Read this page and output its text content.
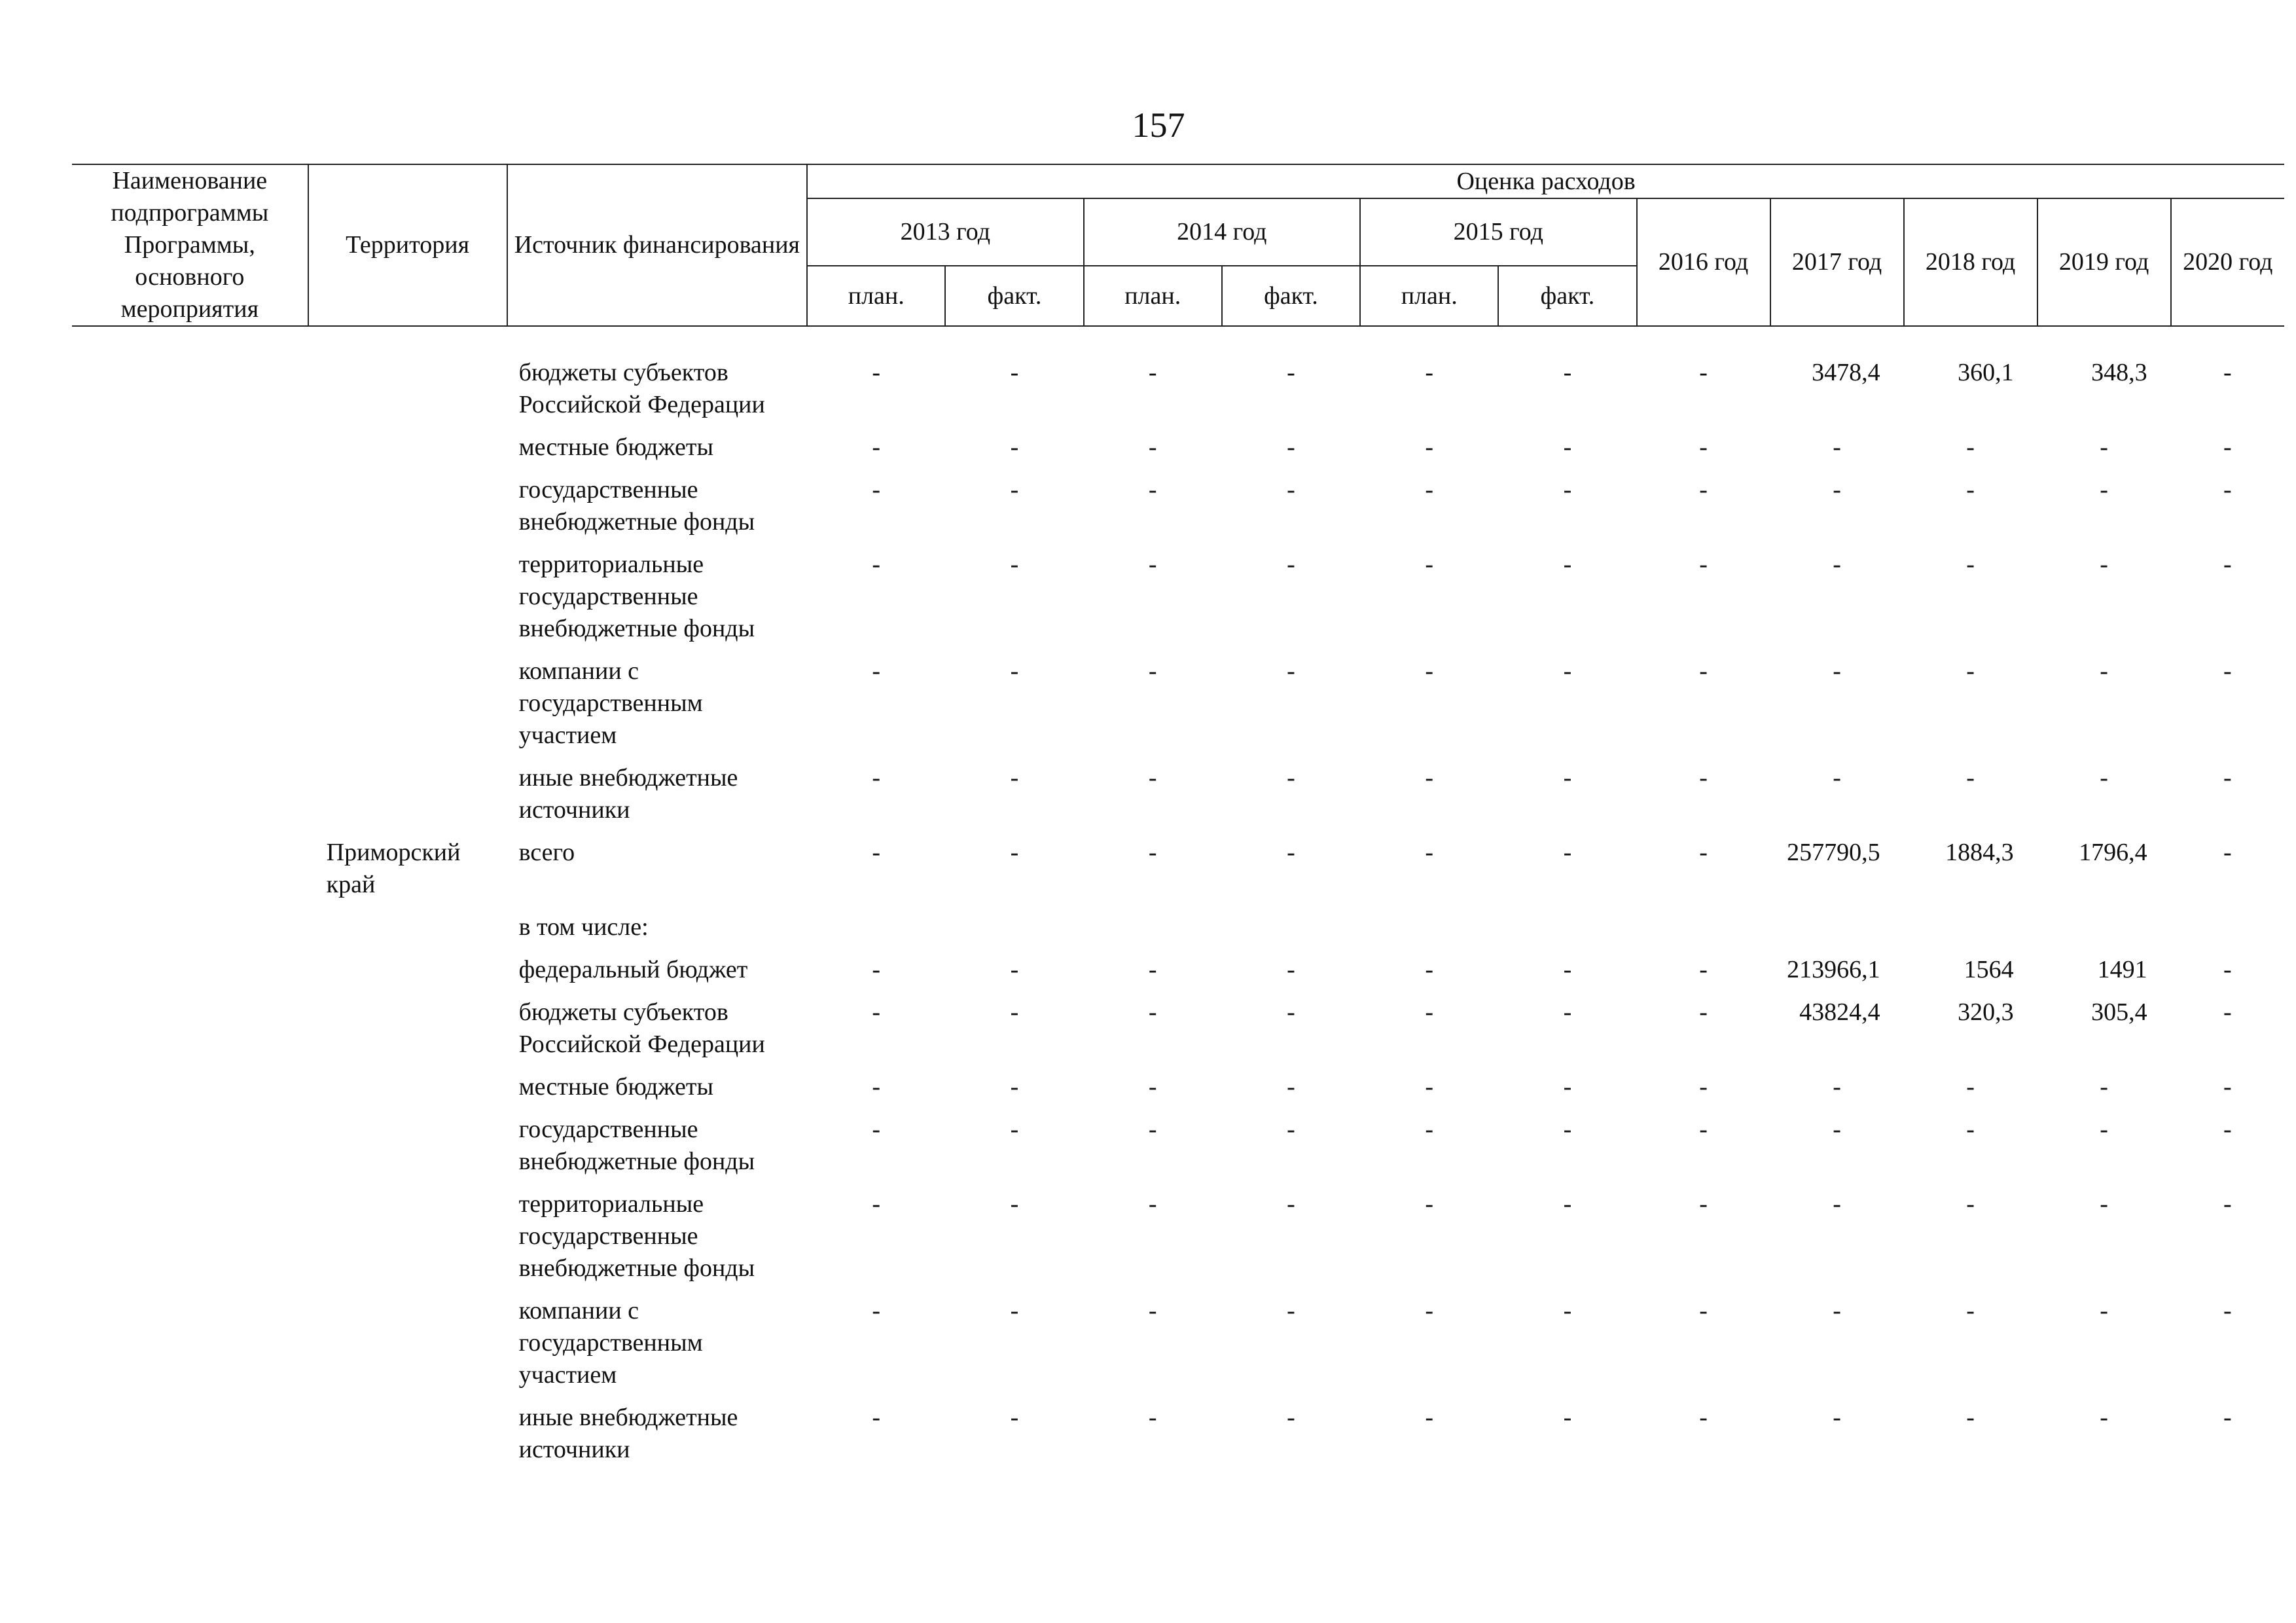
157
Наименование подпрограммы Программы, основного мероприятия	Территория	Источник финансирования	Оценка расходов										
			2013 год		2014 год		2015 год		2016 год	2017 год	2018 год	2019 год	2020 год
			план.	факт.	план.	факт.	план.	факт.					

		бюджеты субъектов Российской Федерации	-	-	-	-	-	-	-	3478,4	360,1	348,3	-
		местные бюджеты	-	-	-	-	-	-	-	-	-	-	-
		государственные внебюджетные фонды	-	-	-	-	-	-	-	-	-	-	-
		территориальные государственные внебюджетные фонды	-	-	-	-	-	-	-	-	-	-	-
		компании с государственным участием	-	-	-	-	-	-	-	-	-	-	-
		иные внебюджетные источники	-	-	-	-	-	-	-	-	-	-	-
	Приморский край	всего	-	-	-	-	-	-	-	257790,5	1884,3	1796,4	-
		в том числе:											
		федеральный бюджет	-	-	-	-	-	-	-	213966,1	1564	1491	-
		бюджеты субъектов Российской Федерации	-	-	-	-	-	-	-	43824,4	320,3	305,4	-
		местные бюджеты	-	-	-	-	-	-	-	-	-	-	-
		государственные внебюджетные фонды	-	-	-	-	-	-	-	-	-	-	-
		территориальные государственные внебюджетные фонды	-	-	-	-	-	-	-	-	-	-	-
		компании с государственным участием	-	-	-	-	-	-	-	-	-	-	-
		иные внебюджетные источники	-	-	-	-	-	-	-	-	-	-	-
